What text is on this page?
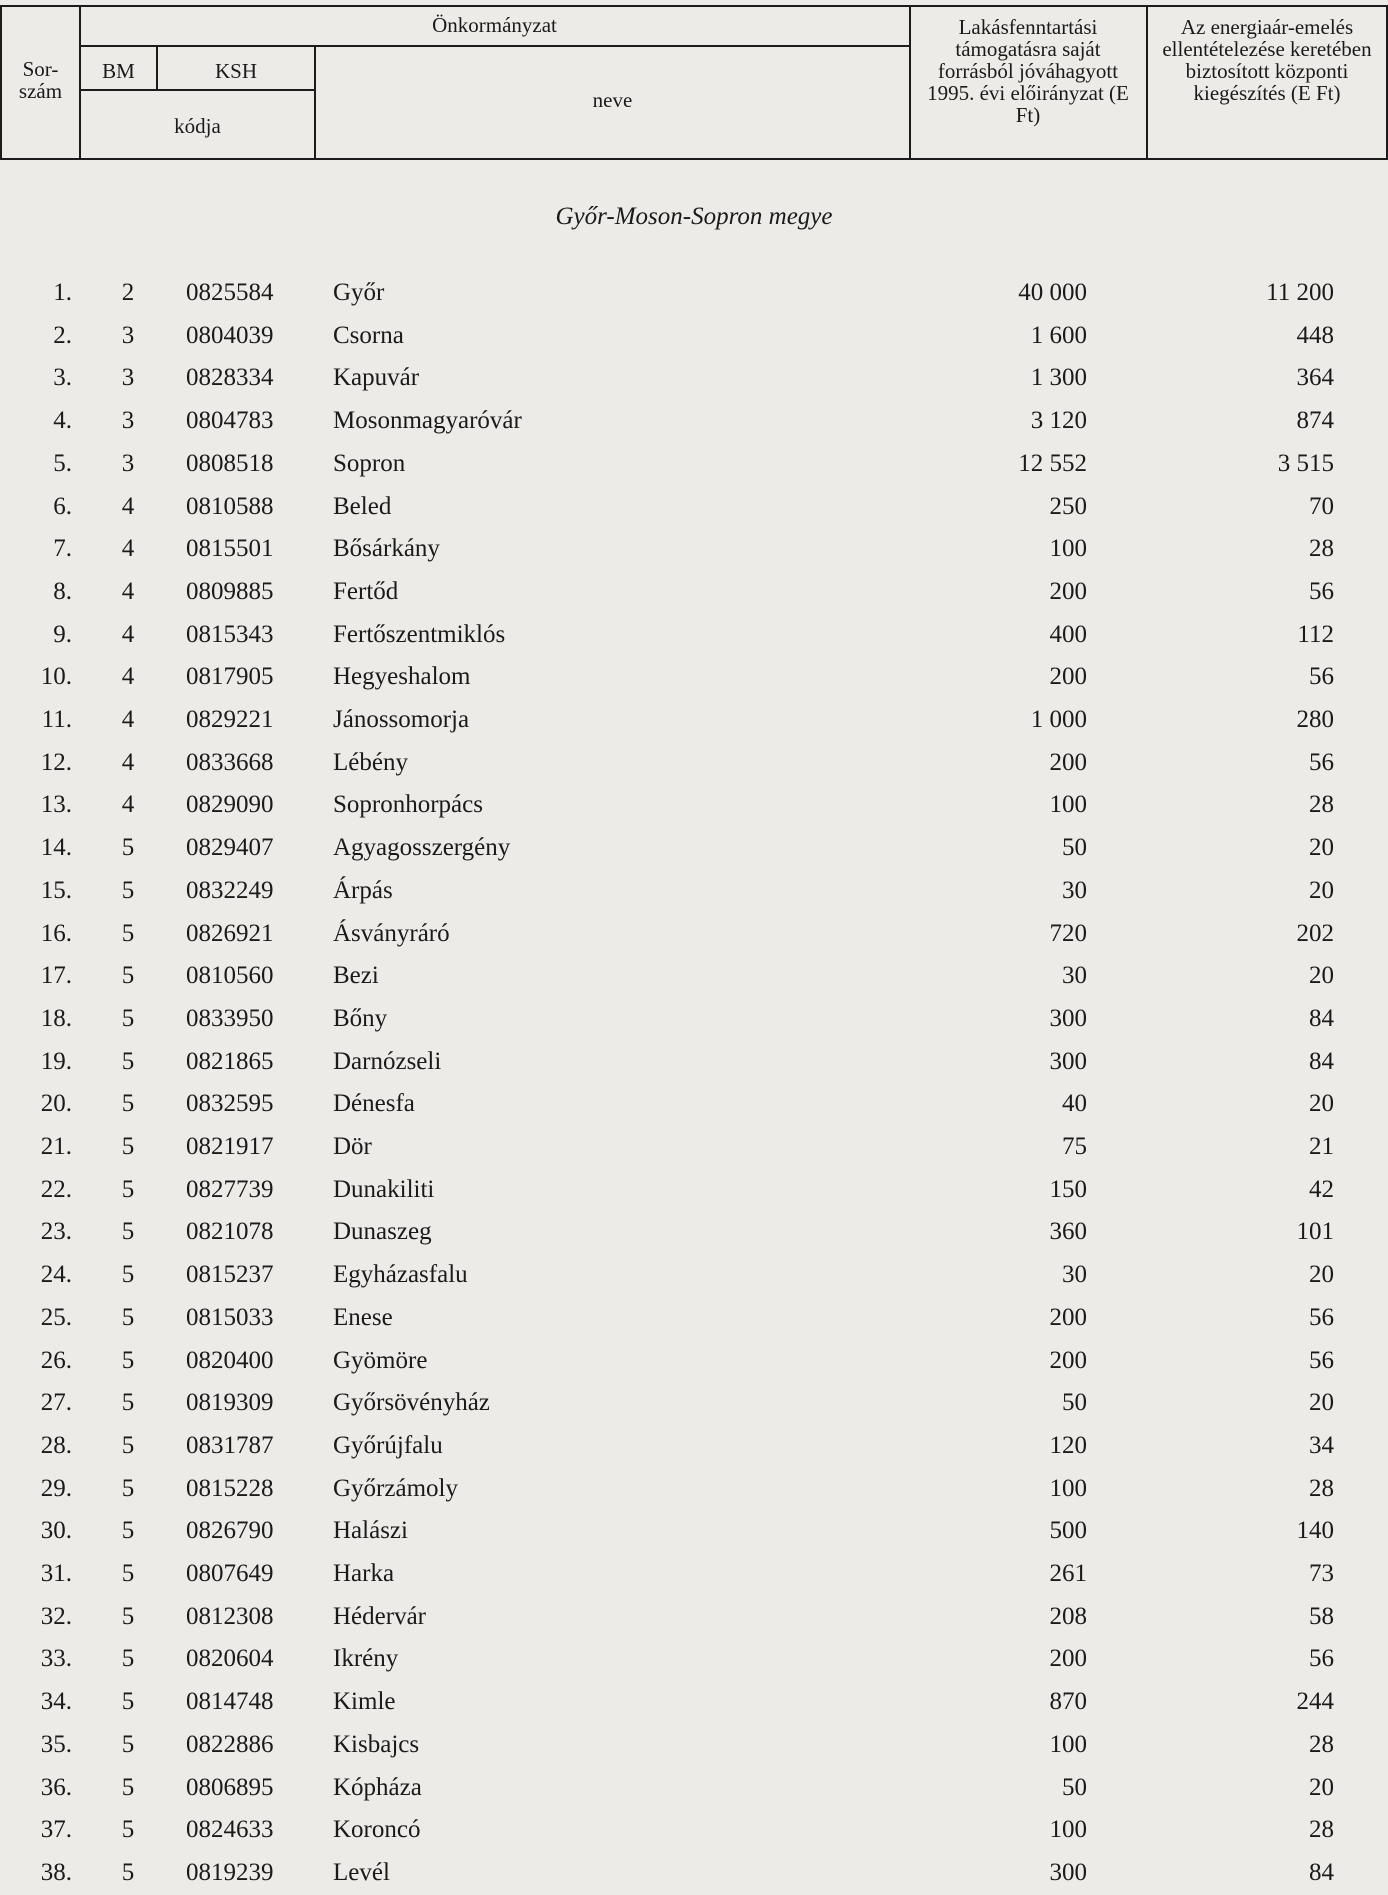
Önkormányzat
Sor-
szám
BM	KSH
kódja
neve
Lakásfenntartási támogatásra saját forrásból jóváhagyott 1995. évi előirányzat (E Ft)
Az energiaár-emelés ellentételezése keretében biztosított központi kiegészítés (E Ft)
Győr-Moson-Sopron megye
1.	2	0825584 Győr	40 000	11 200
2.	3	0804039 Csorna	1 600	448
3.	3	0828334 Kapuvár	1 300	364
4.	3	0804783 Mosonmagyaróvár	3 120	874
5.	3	0808518 Sopron	12 552	3 515
6.	4	0810588 Beled	250	70
7.	4	0815501 Bősárkány	100	28
8.	4	0809885 Fertőd	200	56
9.	4	0815343 Fertőszentmiklós	400	112
10.	4	0817905 Hegyeshalom	200	56
11.	4	0829221 Jánossomorja	1 000	280
12.	4	0833668 Lébény	200	56
13.	4	0829090 Sopronhorpács	100	28
14.	5	0829407 Agyagosszergény	50	20
15.	5	0832249 Árpás	30	20
16.	5	0826921 Ásványráró	720	202
17.	5	0810560 Bezi	30	20
18.	5	0833950 Bőny	300	84
19.	5	0821865 Darnózseli	300	84
20.	5	0832595 Dénesfa	40	20
21.	5	0821917 Dör	75	21
22.	5	0827739 Dunakiliti	150	42
23.	5	0821078 Dunaszeg	360	101
24.	5	0815237 Egyházasfalu	30	20
25.	5	0815033 Enese	200	56
26.	5	0820400 Gyömöre	200	56
27.	5	0819309 Győrsövényház	50	20
28.	5	0831787 Győrújfalu	120	34
29.	5	0815228 Győrzámoly	100	28
30.	5	0826790 Halászi	500	140
31.	5	0807649 Harka	261	73
32.	5	0812308 Hédervár	208	58
33.	5	0820604 Ikrény	200	56
34.	5	0814748 Kimle	870	244
35.	5	0822886 Kisbajcs	100	28
36.	5	0806895 Kópháza	50	20
37.	5	0824633 Koroncó	100	28
38.	5	0819239 Levél	300	84
